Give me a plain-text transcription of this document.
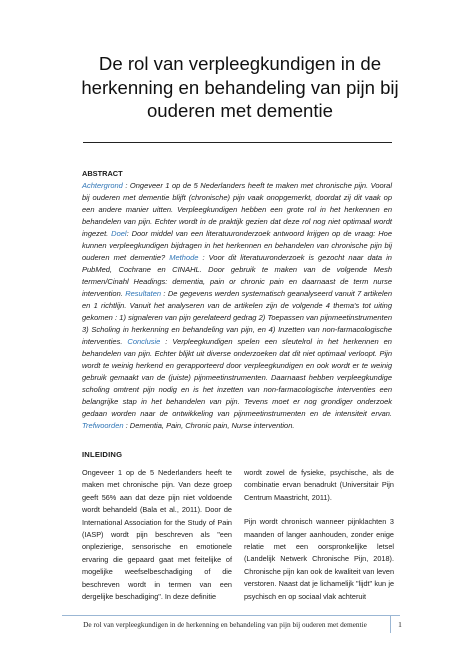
De rol van verpleegkundigen in de herkenning en behandeling van pijn bij ouderen met dementie
ABSTRACT
Achtergrond : Ongeveer 1 op de 5 Nederlanders heeft te maken met chronische pijn. Vooral bij ouderen met dementie blijft (chronische) pijn vaak onopgemerkt, doordat zij dit vaak op een andere manier uitten. Verpleegkundigen hebben een grote rol in het herkennen en behandelen van pijn. Echter wordt in de praktijk gezien dat deze rol nog niet optimaal wordt ingezet. Doel: Door middel van een literatuuronderzoek antwoord krijgen op de vraag: Hoe kunnen verpleegkundigen bijdragen in het herkennen en behandelen van chronische pijn bij ouderen met dementie? Methode : Voor dit literatuuronderzoek is gezocht naar data in PubMed, Cochrane en CINAHL. Door gebruik te maken van de volgende Mesh termen/Cinahl Headings: dementia, pain or chronic pain en daarnaast de term nurse intervention. Resultaten : De gegevens werden systematisch geanalyseerd vanuit 7 artikelen en 1 richtlijn. Vanuit het analyseren van de artikelen zijn de volgende 4 thema's tot uiting gekomen : 1) signaleren van pijn gerelateerd gedrag 2) Toepassen van pijnmeetinstrumenten 3) Scholing in herkenning en behandeling van pijn, en 4) Inzetten van non-farmacologische interventies. Conclusie : Verpleegkundigen spelen een sleutelrol in het herkennen en behandelen van pijn. Echter blijkt uit diverse onderzoeken dat dit niet optimaal verloopt. Pijn wordt te weinig herkend en gerapporteerd door verpleegkundigen en ook wordt er te weinig gebruik gemaakt van de (juiste) pijnmeetinstrumenten. Daarnaast hebben verpleegkundige scholing omtrent pijn nodig en is het inzetten van non-farmacologische interventies een belangrijke stap in het behandelen van pijn. Tevens moet er nog grondiger onderzoek gedaan worden naar de ontwikkeling van pijnmeetinstrumenten en de intensiteit ervan. Trefwoorden : Dementia, Pain, Chronic pain, Nurse intervention.
INLEIDING

Ongeveer 1 op de 5 Nederlanders heeft te maken met chronische pijn. Van deze groep geeft 56% aan dat deze pijn niet voldoende wordt behandeld (Bala et al., 2011). Door de International Association for the Study of Pain (IASP) wordt pijn beschreven als "een onplezierige, sensorische en emotionele ervaring die gepaard gaat met feitelijke of mogelijke weefselbeschadiging of die beschreven wordt in termen van een dergelijke beschadiging". In deze definitie

wordt zowel de fysieke, psychische, als de combinatie ervan benadrukt (Universitair Pijn Centrum Maastricht, 2011).

Pijn wordt chronisch wanneer pijnklachten 3 maanden of langer aanhouden, zonder enige relatie met een oorspronkelijke letsel (Landelijk Netwerk Chronische Pijn, 2018). Chronische pijn kan ook de kwaliteit van leven verstoren. Naast dat je lichamelijk "lijdt" kun je psychisch en op sociaal vlak achteruit

De rol van verpleegkundigen in de herkenning en behandeling van pijn bij ouderen met dementie	1
